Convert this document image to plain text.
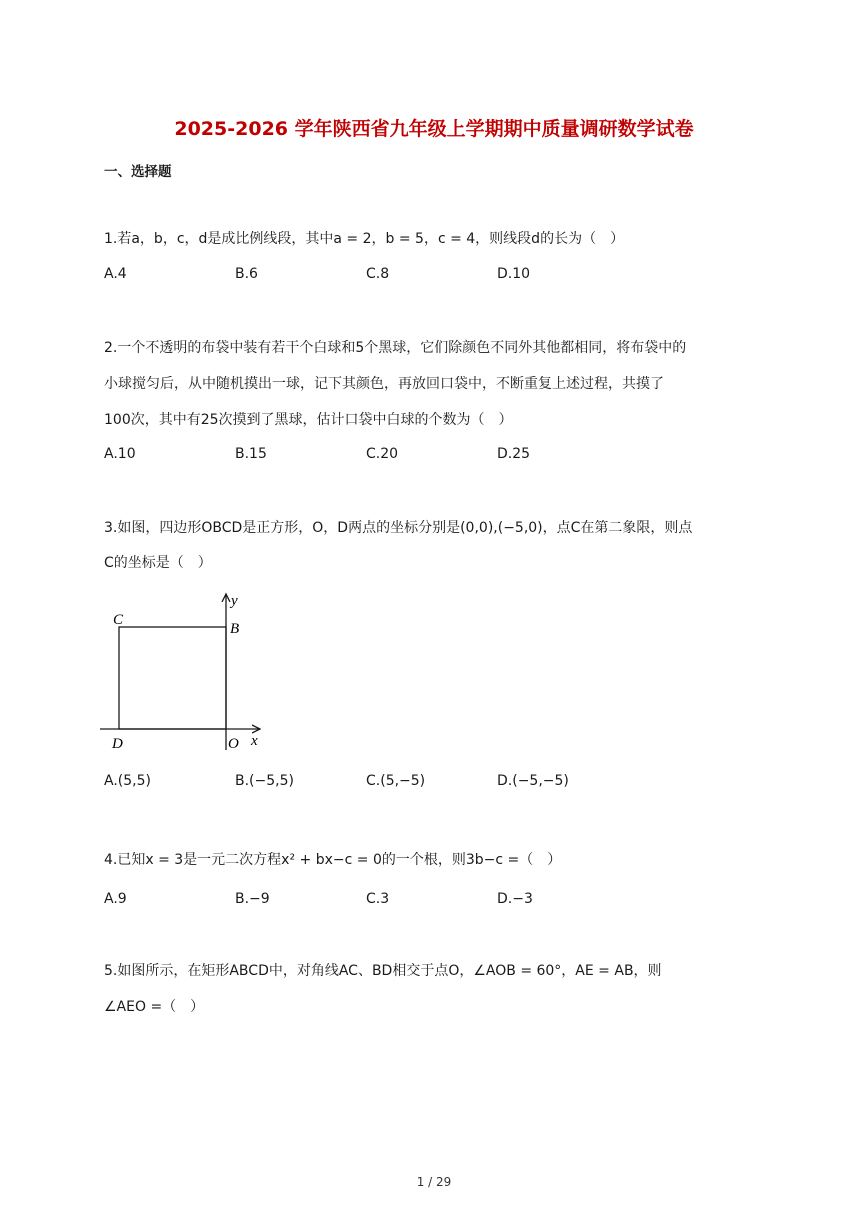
2025-2026 学年陕西省九年级上学期期中质量调研数学试卷
一、选择题
1.若a，b，c，d是成比例线段，其中a = 2，b = 5，c = 4，则线段d的长为（　）
A.4	B.6	C.8	D.10
2.一个不透明的布袋中装有若干个白球和5个黑球，它们除颜色不同外其他都相同，将布袋中的
小球搅匀后，从中随机摸出一球，记下其颜色，再放回口袋中，不断重复上述过程，共摸了
100次，其中有25次摸到了黑球，估计口袋中白球的个数为（　）
A.10	B.15	C.20	D.25
3.如图，四边形OBCD是正方形，O，D两点的坐标分别是(0,0),(−5,0)，点C在第二象限，则点
C的坐标是（　）
C
B
D	O x
y
A.(5,5)	B.(−5,5)	C.(5,−5)	D.(−5,−5)
4.已知x = 3是一元二次方程x² + bx−c = 0的一个根，则3b−c =（　）
A.9	B.−9	C.3	D.−3
5.如图所示，在矩形ABCD中，对角线AC、BD相交于点O，∠AOB = 60°，AE = AB，则
∠AEO =（　）
1 / 29
